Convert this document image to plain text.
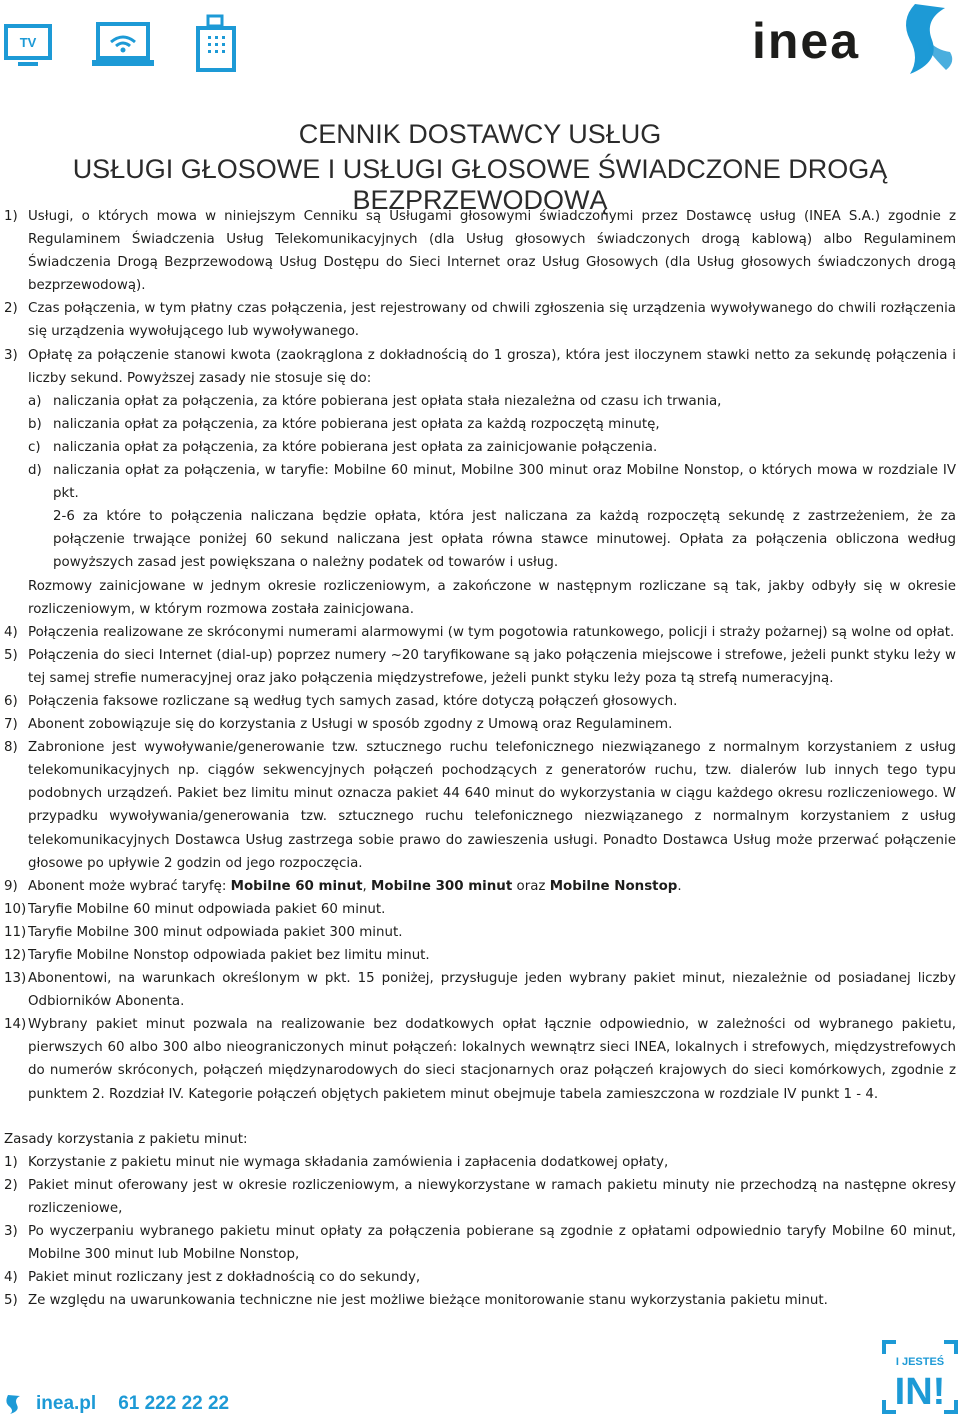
TV	inea
CENNIK DOSTAWCY USŁUG
USŁUGI GŁOSOWE I USŁUGI GŁOSOWE ŚWIADCZONE DROGĄ BEZPRZEWODOWĄ
1) Usługi, o których mowa w niniejszym Cenniku są Usługami głosowymi świadczonymi przez Dostawcę usług (INEA S.A.) zgodnie z Regulaminem Świadczenia Usług Telekomunikacyjnych (dla Usług głosowych świadczonych drogą kablową) albo Regulaminem Świadczenia Drogą Bezprzewodową Usług Dostępu do Sieci Internet oraz Usług Głosowych (dla Usług głosowych świadczonych drogą bezprzewodową).
2) Czas połączenia, w tym płatny czas połączenia, jest rejestrowany od chwili zgłoszenia się urządzenia wywoływanego do chwili rozłączenia się urządzenia wywołującego lub wywoływanego.
3) Opłatę za połączenie stanowi kwota (zaokrąglona z dokładnością do 1 grosza), która jest iloczynem stawki netto za sekundę połączenia i liczby sekund. Powyższej zasady nie stosuje się do:
a) naliczania opłat za połączenia, za które pobierana jest opłata stała niezależna od czasu ich trwania,
b) naliczania opłat za połączenia, za które pobierana jest opłata za każdą rozpoczętą minutę,
c) naliczania opłat za połączenia, za które pobierana jest opłata za zainicjowanie połączenia.
d) naliczania opłat za połączenia, w taryfie: Mobilne 60 minut, Mobilne 300 minut oraz Mobilne Nonstop, o których mowa w rozdziale IV pkt.
2-6 za które to połączenia naliczana będzie opłata, która jest naliczana za każdą rozpoczętą sekundę z zastrzeżeniem, że za połączenie trwające poniżej 60 sekund naliczana jest opłata równa stawce minutowej. Opłata za połączenia obliczona według powyższych zasad jest powiększana o należny podatek od towarów i usług.
Rozmowy zainicjowane w jednym okresie rozliczeniowym, a zakończone w następnym rozliczane są tak, jakby odbyły się w okresie rozliczeniowym, w którym rozmowa została zainicjowana.
4) Połączenia realizowane ze skróconymi numerami alarmowymi (w tym pogotowia ratunkowego, policji i straży pożarnej) są wolne od opłat.
5) Połączenia do sieci Internet (dial-up) poprzez numery ~20 taryfikowane są jako połączenia miejscowe i strefowe, jeżeli punkt styku leży w tej samej strefie numeracyjnej oraz jako połączenia międzystrefowe, jeżeli punkt styku leży poza tą strefą numeracyjną.
6) Połączenia faksowe rozliczane są według tych samych zasad, które dotyczą połączeń głosowych.
7) Abonent zobowiązuje się do korzystania z Usługi w sposób zgodny z Umową oraz Regulaminem.
8) Zabronione jest wywoływanie/generowanie tzw. sztucznego ruchu telefonicznego niezwiązanego z normalnym korzystaniem z usług telekomunikacyjnych np. ciągów sekwencyjnych połączeń pochodzących z generatorów ruchu, tzw. dialerów lub innych tego typu podobnych urządzeń. Pakiet bez limitu minut oznacza pakiet 44 640 minut do wykorzystania w ciągu każdego okresu rozliczeniowego. W przypadku wywoływania/generowania tzw. sztucznego ruchu telefonicznego niezwiązanego z normalnym korzystaniem z usług telekomunikacyjnych Dostawca Usług zastrzega sobie prawo do zawieszenia usługi. Ponadto Dostawca Usług może przerwać połączenie głosowe po upływie 2 godzin od jego rozpoczęcia.
9) Abonent może wybrać taryfę: Mobilne 60 minut, Mobilne 300 minut oraz Mobilne Nonstop.
10) Taryfie Mobilne 60 minut odpowiada pakiet 60 minut.
11) Taryfie Mobilne 300 minut odpowiada pakiet 300 minut.
12) Taryfie Mobilne Nonstop odpowiada pakiet bez limitu minut.
13) Abonentowi, na warunkach określonym w pkt. 15 poniżej, przysługuje jeden wybrany pakiet minut, niezależnie od posiadanej liczby Odbiorników Abonenta.
14) Wybrany pakiet minut pozwala na realizowanie bez dodatkowych opłat łącznie odpowiednio, w zależności od wybranego pakietu, pierwszych 60 albo 300 albo nieograniczonych minut połączeń: lokalnych wewnątrz sieci INEA, lokalnych i strefowych, międzystrefowych do numerów skróconych, połączeń międzynarodowych do sieci stacjonarnych oraz połączeń krajowych do sieci komórkowych, zgodnie z punktem 2. Rozdział IV. Kategorie połączeń objętych pakietem minut obejmuje tabela zamieszczona w rozdziale IV punkt 1 - 4.
Zasady korzystania z pakietu minut:
1) Korzystanie z pakietu minut nie wymaga składania zamówienia i zapłacenia dodatkowej opłaty,
2) Pakiet minut oferowany jest w okresie rozliczeniowym, a niewykorzystane w ramach pakietu minuty nie przechodzą na następne okresy rozliczeniowe,
3) Po wyczerpaniu wybranego pakietu minut opłaty za połączenia pobierane są zgodnie z opłatami odpowiednio taryfy Mobilne 60 minut, Mobilne 300 minut lub Mobilne Nonstop,
4) Pakiet minut rozliczany jest z dokładnością co do sekundy,
5) Ze względu na uwarunkowania techniczne nie jest możliwe bieżące monitorowanie stanu wykorzystania pakietu minut.
inea.pl 61 222 22 22
I JESTEŚ
IN!
